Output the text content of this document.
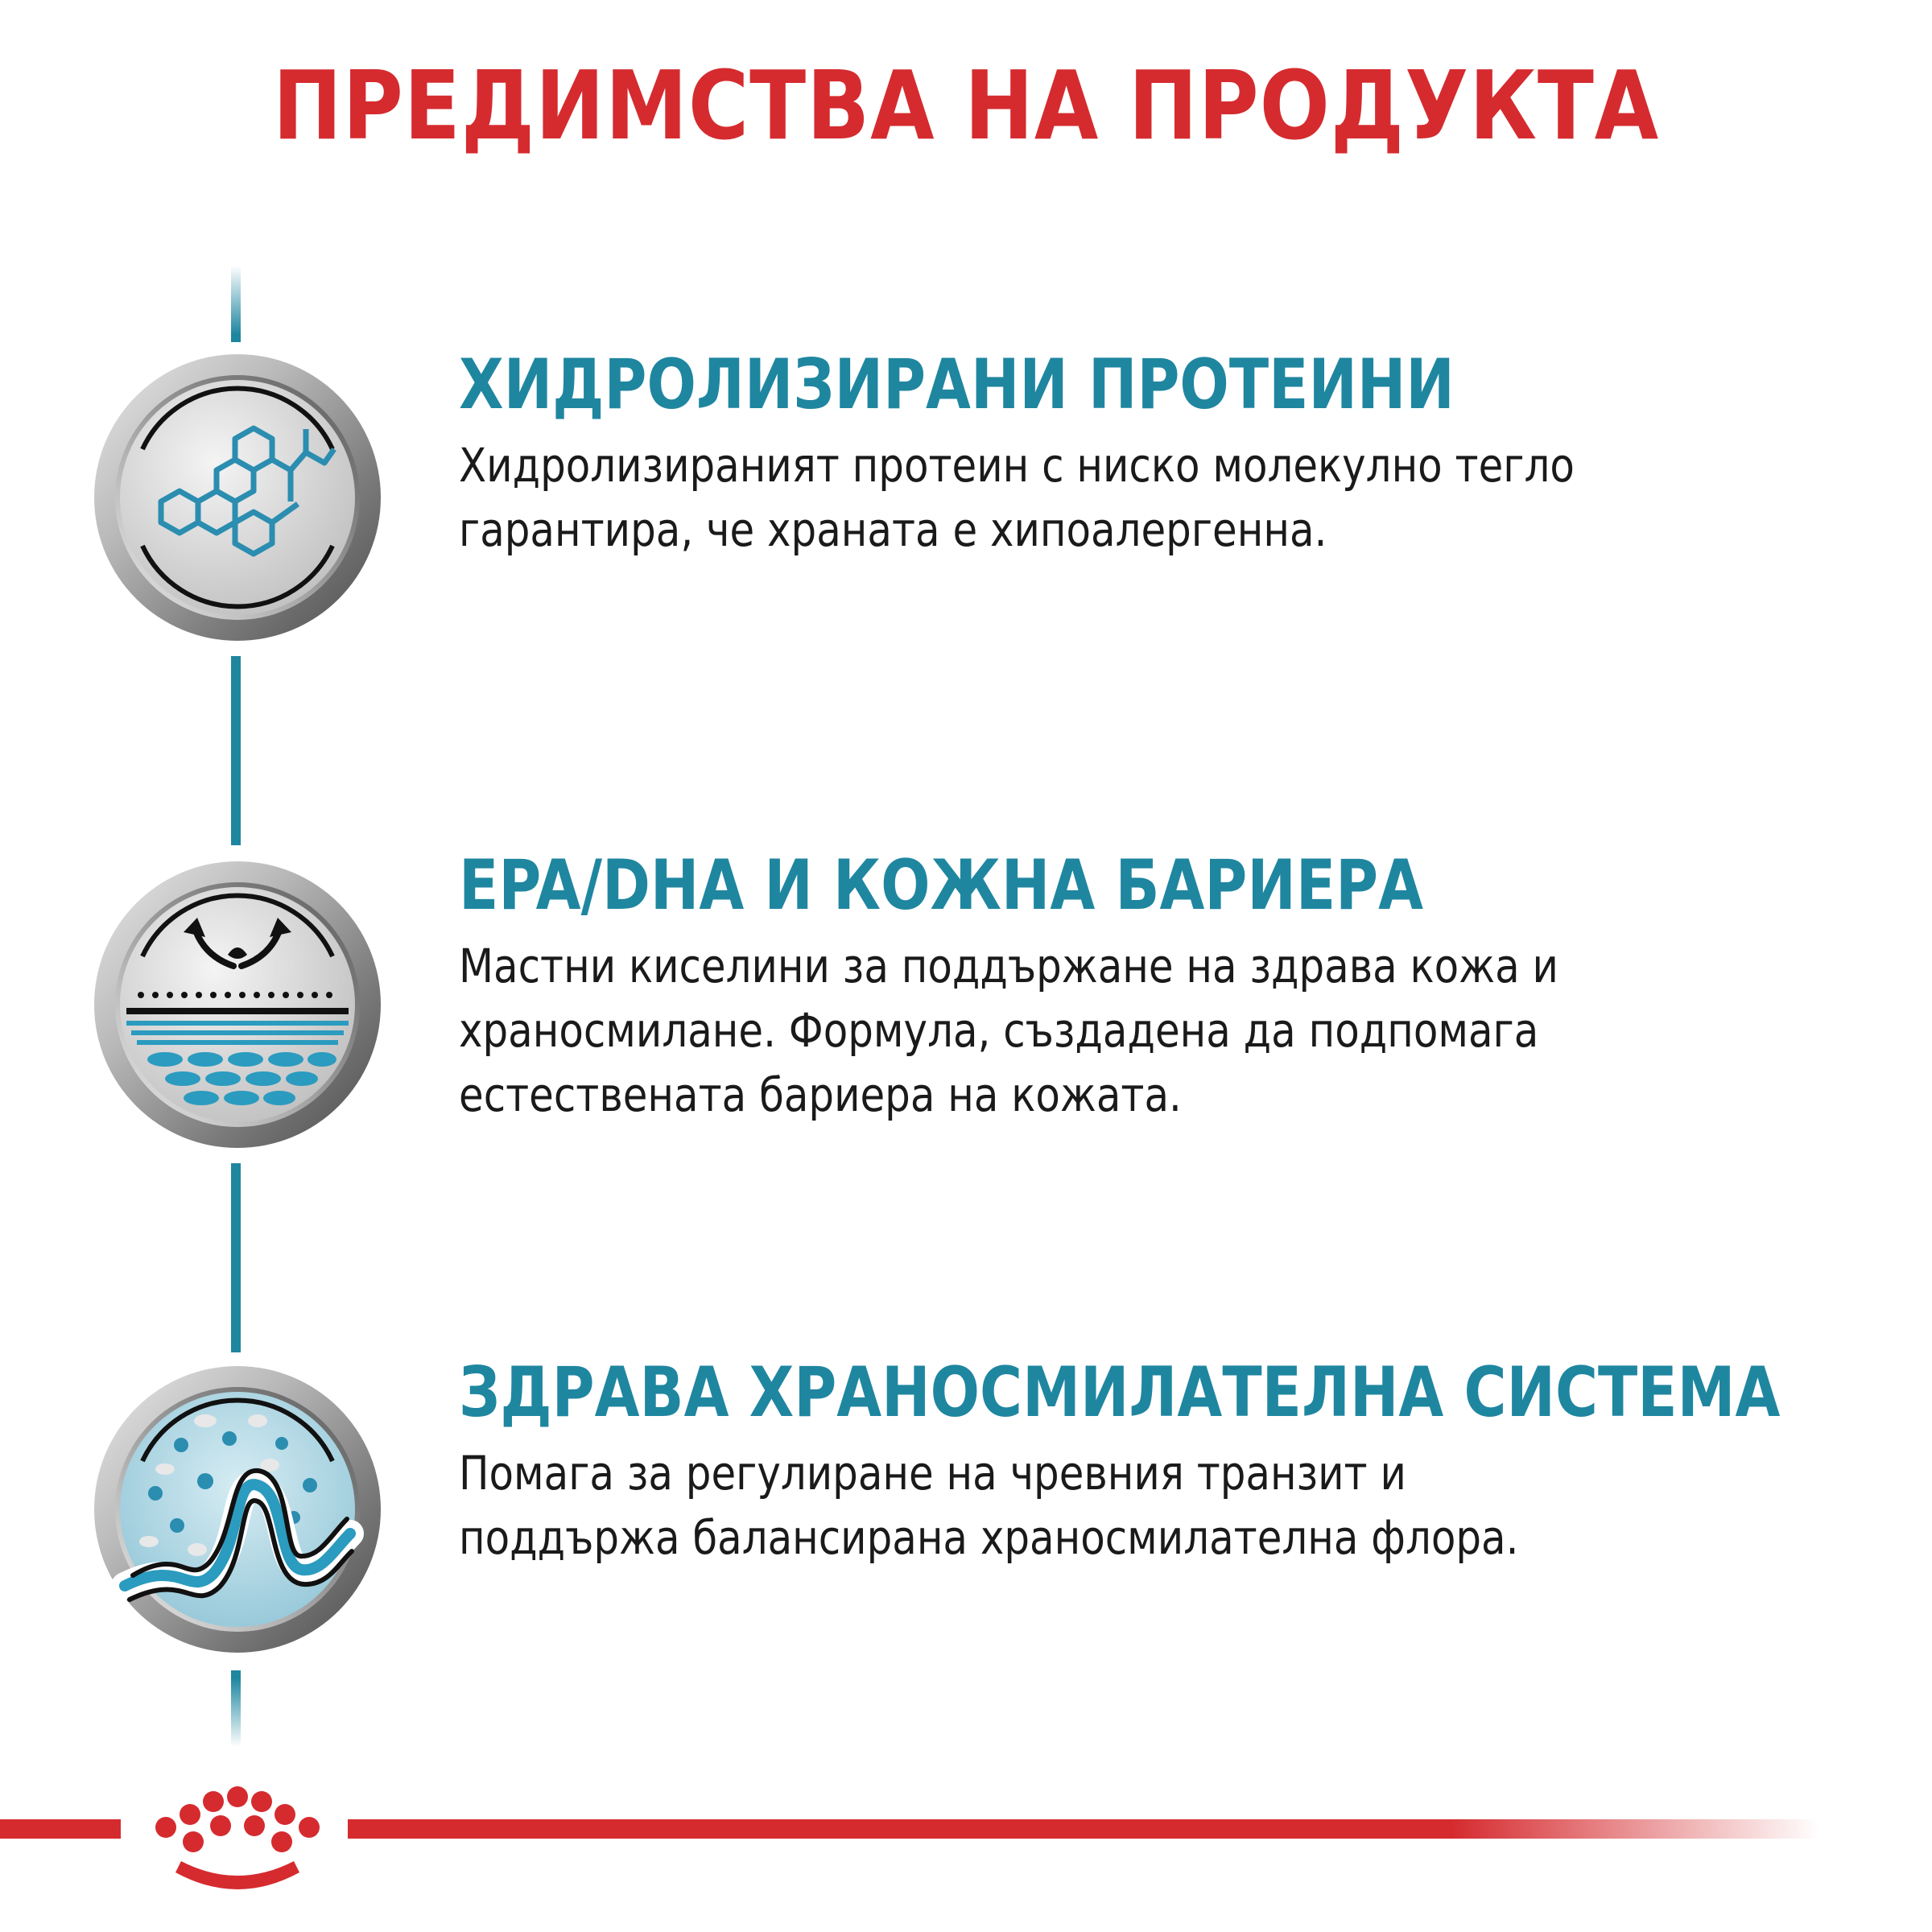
ПРЕДИМСТВА НА ПРОДУКТА
ХИДРОЛИЗИРАНИ ПРОТЕИНИ
Хидролизираният протеин с ниско молекулно тегло
гарантира, че храната е хипоалергенна.
EPA/DHA И КОЖНА БАРИЕРА
Мастни киселини за поддържане на здрава кожа и
храносмилане. Формула, създадена да подпомага
естествената бариера на кожата.
ЗДРАВА ХРАНОСМИЛАТЕЛНА СИСТЕМА
Помага за регулиране на чревния транзит и
поддържа балансирана храносмилателна флора.
